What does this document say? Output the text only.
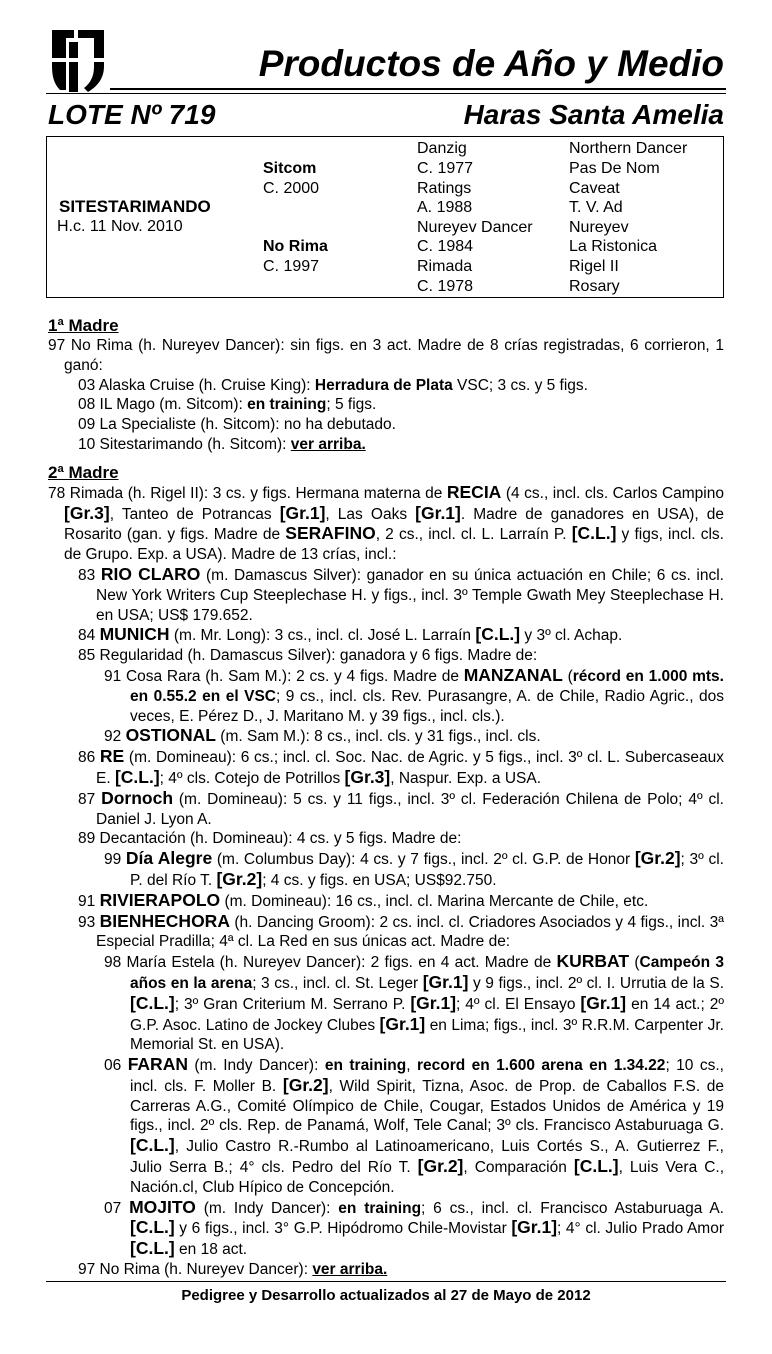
Productos de Año y Medio
LOTE Nº 719	Haras Santa Amelia
SITESTARIMANDO
H.c. 11 Nov. 2010
Sitcom
C. 2000
No Rima
C. 1997
Danzig
C. 1977
Ratings
A. 1988
Nureyev Dancer
C. 1984
Rimada
C. 1978
Northern Dancer
Pas De Nom
Caveat
T. V. Ad
Nureyev
La Ristonica
Rigel II
Rosary
1ª Madre
97 No Rima (h. Nureyev Dancer): sin figs. en 3 act. Madre de 8 crías registradas, 6 corrieron, 1 ganó:
03 Alaska Cruise (h. Cruise King): Herradura de Plata VSC; 3 cs. y 5 figs.
08 IL Mago (m. Sitcom): en training; 5 figs.
09 La Specialiste (h. Sitcom): no ha debutado.
10 Sitestarimando (h. Sitcom): ver arriba.
2ª Madre
78 Rimada (h. Rigel II): 3 cs. y figs. Hermana materna de RECIA (4 cs., incl. cls. Carlos Campino [Gr.3], Tanteo de Potrancas [Gr.1], Las Oaks [Gr.1]. Madre de ganadores en USA), de Rosarito (gan. y figs. Madre de SERAFINO, 2 cs., incl. cl. L. Larraín P. [C.L.] y figs, incl. cls. de Grupo. Exp. a USA). Madre de 13 crías, incl.:
83 RIO CLARO (m. Damascus Silver): ganador en su única actuación en Chile; 6 cs. incl. New York Writers Cup Steeplechase H. y figs., incl. 3º Temple Gwath Mey Steeplechase H. en USA; US$ 179.652.
84 MUNICH (m. Mr. Long): 3 cs., incl. cl. José L. Larraín [C.L.] y 3º cl. Achap.
85 Regularidad (h. Damascus Silver): ganadora y 6 figs. Madre de:
91 Cosa Rara (h. Sam M.): 2 cs. y 4 figs. Madre de MANZANAL (récord en 1.000 mts. en 0.55.2 en el VSC; 9 cs., incl. cls. Rev. Purasangre, A. de Chile, Radio Agric., dos veces, E. Pérez D., J. Maritano M. y 39 figs., incl. cls.).
92 OSTIONAL (m. Sam M.): 8 cs., incl. cls. y 31 figs., incl. cls.
86 RE (m. Domineau): 6 cs.; incl. cl. Soc. Nac. de Agric. y 5 figs., incl. 3º cl. L. Subercaseaux E. [C.L.]; 4º cls. Cotejo de Potrillos [Gr.3], Naspur. Exp. a USA.
87 Dornoch (m. Domineau): 5 cs. y 11 figs., incl. 3º cl. Federación Chilena de Polo; 4º cl. Daniel J. Lyon A.
89 Decantación (h. Domineau): 4 cs. y 5 figs. Madre de:
99 Día Alegre (m. Columbus Day): 4 cs. y 7 figs., incl. 2º cl. G.P. de Honor [Gr.2]; 3º cl. P. del Río T. [Gr.2]; 4 cs. y figs. en USA; US$92.750.
91 RIVIERAPOLO (m. Domineau): 16 cs., incl. cl. Marina Mercante de Chile, etc.
93 BIENHECHORA (h. Dancing Groom): 2 cs. incl. cl. Criadores Asociados y 4 figs., incl. 3ª Especial Pradilla; 4ª cl. La Red en sus únicas act. Madre de:
98 María Estela (h. Nureyev Dancer): 2 figs. en 4 act. Madre de KURBAT (Campeón 3 años en la arena; 3 cs., incl. cl. St. Leger [Gr.1] y 9 figs., incl. 2º cl. I. Urrutia de la S. [C.L.]; 3º Gran Criterium M. Serrano P. [Gr.1]; 4º cl. El Ensayo [Gr.1] en 14 act.; 2º G.P. Asoc. Latino de Jockey Clubes [Gr.1] en Lima; figs., incl. 3º R.R.M. Carpenter Jr. Memorial St. en USA).
06 FARAN (m. Indy Dancer): en training, record en 1.600 arena en 1.34.22; 10 cs., incl. cls. F. Moller B. [Gr.2], Wild Spirit, Tizna, Asoc. de Prop. de Caballos F.S. de Carreras A.G., Comité Olímpico de Chile, Cougar, Estados Unidos de América y 19 figs., incl. 2º cls. Rep. de Panamá, Wolf, Tele Canal; 3º cls. Francisco Astaburuaga G. [C.L.], Julio Castro R.-Rumbo al Latinoamericano, Luis Cortés S., A. Gutierrez F., Julio Serra B.; 4° cls. Pedro del Río T. [Gr.2], Comparación [C.L.], Luis Vera C., Nación.cl, Club Hípico de Concepción.
07 MOJITO (m. Indy Dancer): en training; 6 cs., incl. cl. Francisco Astaburuaga A. [C.L.] y 6 figs., incl. 3° G.P. Hipódromo Chile-Movistar [Gr.1]; 4° cl. Julio Prado Amor [C.L.] en 18 act.
97 No Rima (h. Nureyev Dancer): ver arriba.
Pedigree y Desarrollo actualizados al 27 de Mayo de 2012
